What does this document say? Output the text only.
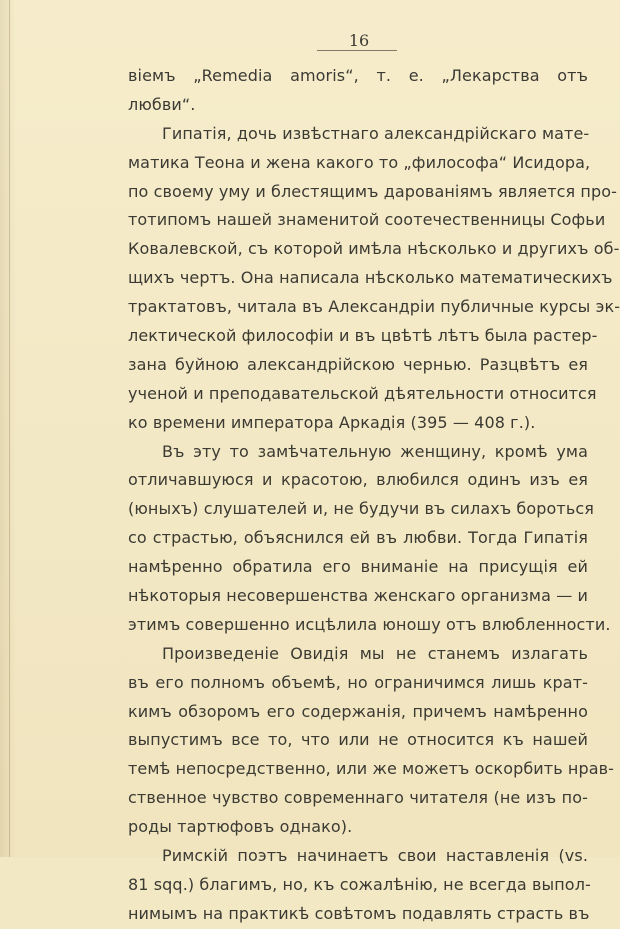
16
віемъ „Remedia amoris“, т. е. „Лекарства отъ
любви“.
Гипатія, дочь извѣстнаго александрійскаго мате-
матика Теона и жена какого то „философа“ Исидора,
по своему уму и блестящимъ дарованіямъ является про-
тотипомъ нашей знаменитой соотечественницы Софьи
Ковалевской, съ которой имѣла нѣсколько и другихъ об-
щихъ чертъ. Она написала нѣсколько математическихъ
трактатовъ, читала въ Александріи публичные курсы эк-
лектической философіи и въ цвѣтѣ лѣтъ была растер-
зана буйною александрійскою чернью. Разцвѣтъ ея
ученой и преподавательской дѣятельности относится
ко времени императора Аркадія (395 — 408 г.).
Въ эту то замѣчательную женщину, кромѣ ума
отличавшуюся и красотою, влюбился одинъ изъ ея
(юныхъ) слушателей и, не будучи въ силахъ бороться
со страстью, объяснился ей въ любви. Тогда Гипатія
намѣренно обратила его вниманіе на присущія ей
нѣкоторыя несовершенства женскаго организма — и
этимъ совершенно исцѣлила юношу отъ влюбленности.
Произведеніе Овидія мы не станемъ излагать
въ его полномъ объемѣ, но ограничимся лишь крат-
кимъ обзоромъ его содержанія, причемъ намѣренно
выпустимъ все то, что или не относится къ нашей
темѣ непосредственно, или же можетъ оскорбить нрав-
ственное чувство современнаго читателя (не изъ по-
роды тартюфовъ однако).
Римскій поэтъ начинаетъ свои наставленія (vs.
81 sqq.) благимъ, но, къ сожалѣнію, не всегда выпол-
нимымъ на практикѣ совѣтомъ подавлять страсть въ
